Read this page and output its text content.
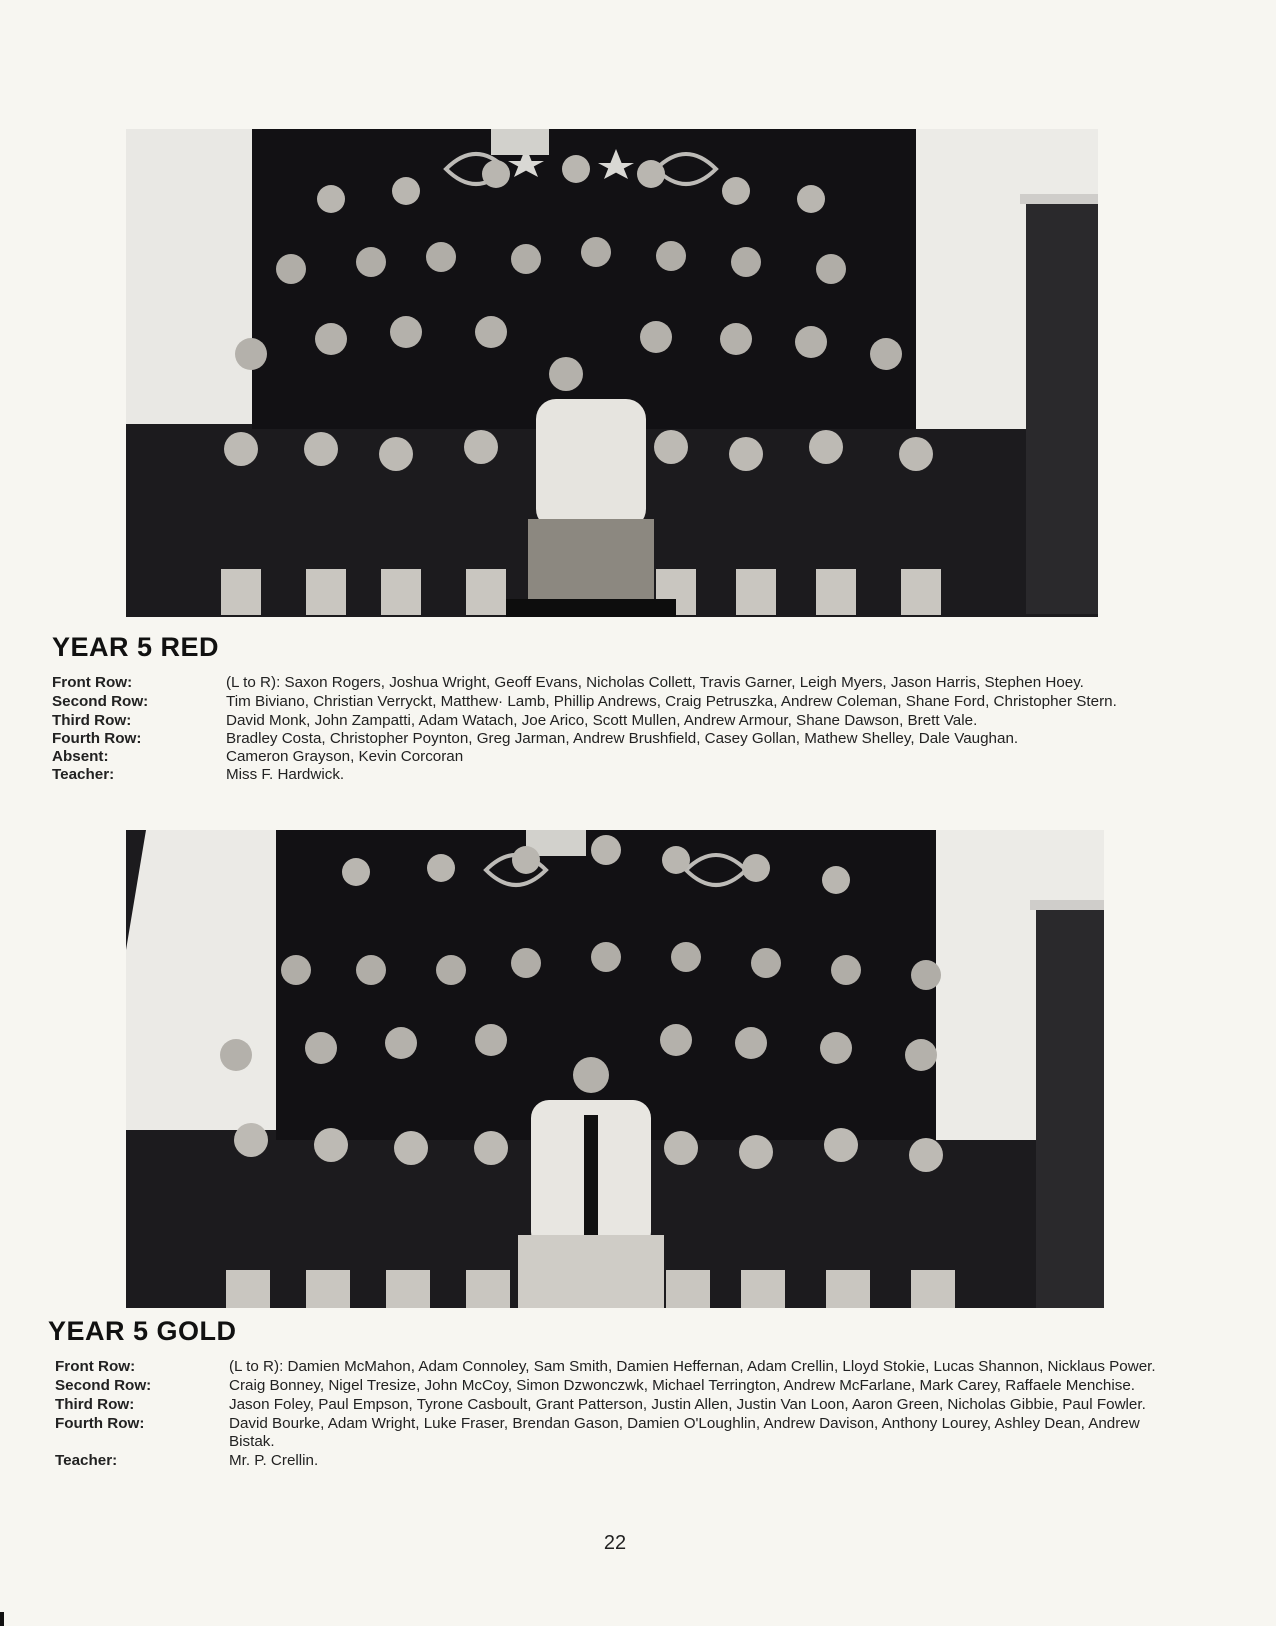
YEAR 5 RED
Front Row:	(L to R): Saxon Rogers, Joshua Wright, Geoff Evans, Nicholas Collett, Travis Garner, Leigh Myers, Jason Harris, Stephen Hoey.
Second Row:	Tim Biviano, Christian Verryckt, Matthew· Lamb, Phillip Andrews, Craig Petruszka, Andrew Coleman, Shane Ford, Christopher Stern.
Third Row:	David Monk, John Zampatti, Adam Watach, Joe Arico, Scott Mullen, Andrew Armour, Shane Dawson, Brett Vale.
Fourth Row:	Bradley Costa, Christopher Poynton, Greg Jarman, Andrew Brushfield, Casey Gollan, Mathew Shelley, Dale Vaughan.
Absent:	Cameron Grayson, Kevin Corcoran
Teacher:	Miss F. Hardwick.
YEAR 5 GOLD
Front Row:	(L to R): Damien McMahon, Adam Connoley, Sam Smith, Damien Heffernan, Adam Crellin, Lloyd Stokie, Lucas Shannon, Nicklaus Power.
Second Row:	Craig Bonney, Nigel Tresize, John McCoy, Simon Dzwonczwk, Michael Terrington, Andrew McFarlane, Mark Carey, Raffaele Menchise.
Third Row:	Jason Foley, Paul Empson, Tyrone Casboult, Grant Patterson, Justin Allen, Justin Van Loon, Aaron Green, Nicholas Gibbie, Paul Fowler.
Fourth Row:	David Bourke, Adam Wright, Luke Fraser, Brendan Gason, Damien O'Loughlin, Andrew Davison, Anthony Lourey, Ashley Dean, Andrew Bistak.
Teacher:	Mr. P. Crellin.
22
